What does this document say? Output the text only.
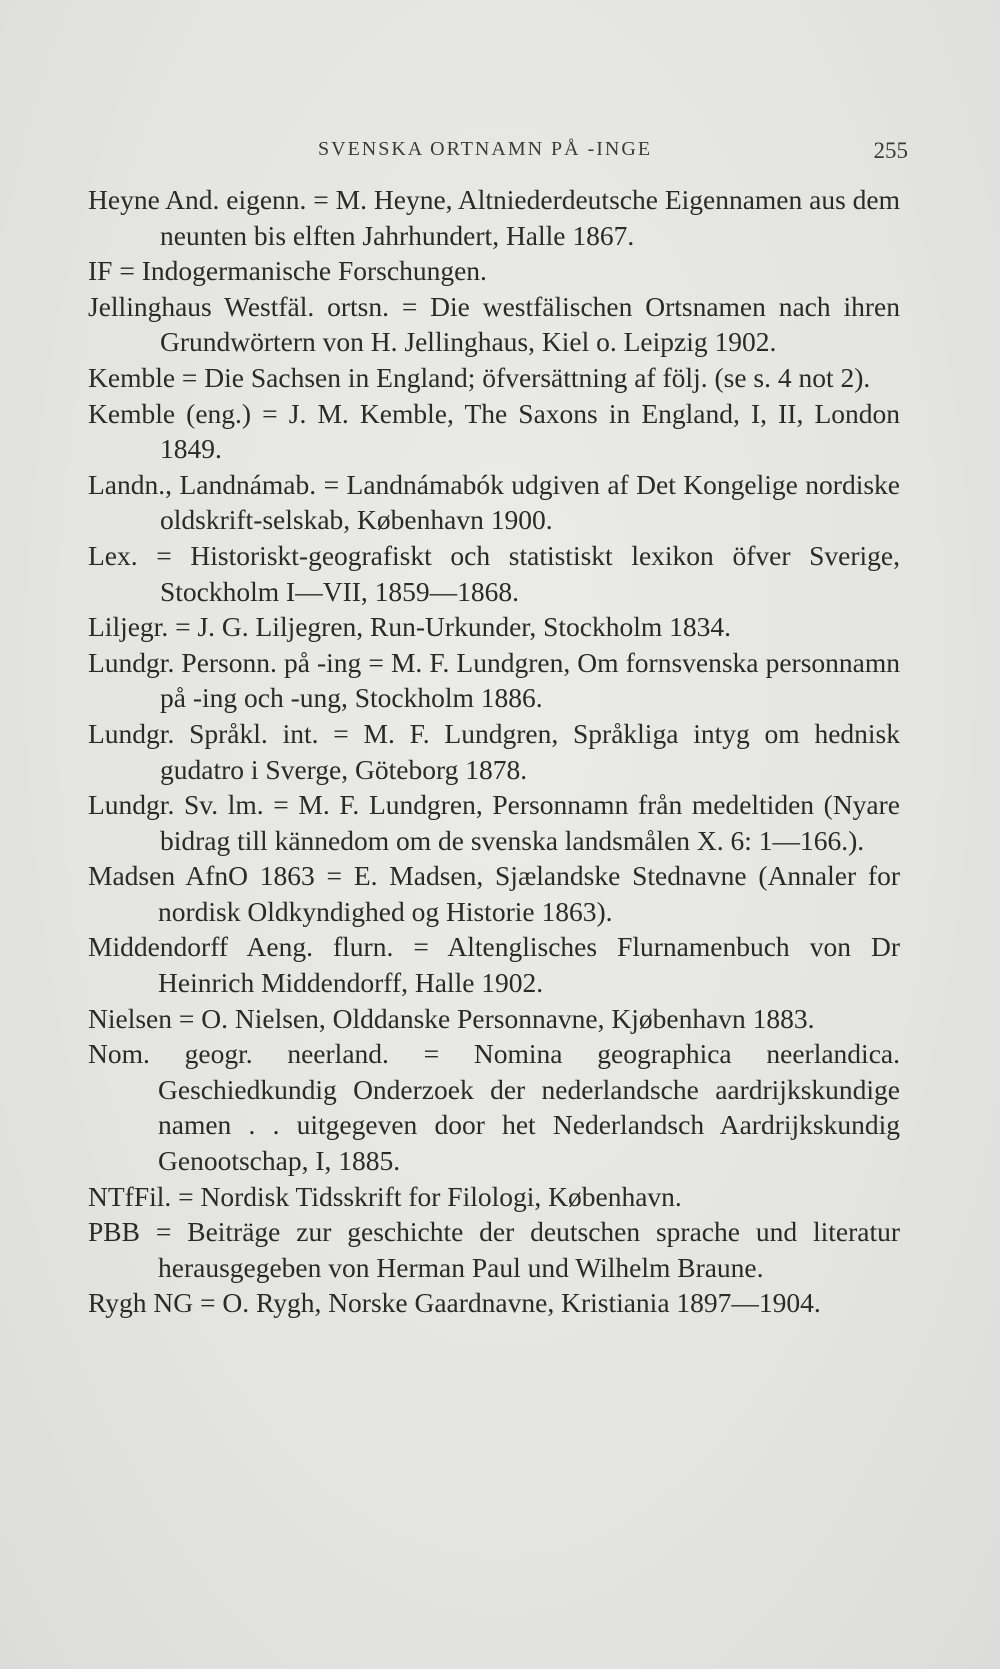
SVENSKA ORTNAMN PÅ -INGE	255
Heyne And. eigenn. = M. Heyne, Altniederdeutsche Eigennamen aus dem neunten bis elften Jahrhundert, Halle 1867.
IF = Indogermanische Forschungen.
Jellinghaus Westfäl. ortsn. = Die westfälischen Ortsnamen nach ihren Grundwörtern von H. Jellinghaus, Kiel o. Leipzig 1902.
Kemble = Die Sachsen in England; öfversättning af följ. (se s. 4 not 2).
Kemble (eng.) = J. M. Kemble, The Saxons in England, I, II, London 1849.
Landn., Landnámab. = Landnámabók udgiven af Det Kongelige nordiske oldskrift-selskab, København 1900.
Lex. = Historiskt-geografiskt och statistiskt lexikon öfver Sverige, Stockholm I—VII, 1859—1868.
Liljegr. = J. G. Liljegren, Run-Urkunder, Stockholm 1834.
Lundgr. Personn. på -ing = M. F. Lundgren, Om fornsvenska personnamn på -ing och -ung, Stockholm 1886.
Lundgr. Språkl. int. = M. F. Lundgren, Språkliga intyg om hednisk gudatro i Sverge, Göteborg 1878.
Lundgr. Sv. lm. = M. F. Lundgren, Personnamn från medeltiden (Nyare bidrag till kännedom om de svenska landsmålen X. 6: 1—166.).
Madsen AfnO 1863 = E. Madsen, Sjælandske Stednavne (Annaler for nordisk Oldkyndighed og Historie 1863).
Middendorff Aeng. flurn. = Altenglisches Flurnamenbuch von Dr Heinrich Middendorff, Halle 1902.
Nielsen = O. Nielsen, Olddanske Personnavne, Kjøbenhavn 1883.
Nom. geogr. neerland. = Nomina geographica neerlandica. Geschiedkundig Onderzoek der nederlandsche aardrijkskundige namen . . uitgegeven door het Nederlandsch Aardrijkskundig Genootschap, I, 1885.
NTfFil. = Nordisk Tidsskrift for Filologi, København.
PBB = Beiträge zur geschichte der deutschen sprache und literatur herausgegeben von Herman Paul und Wilhelm Braune.
Rygh NG = O. Rygh, Norske Gaardnavne, Kristiania 1897—1904.
